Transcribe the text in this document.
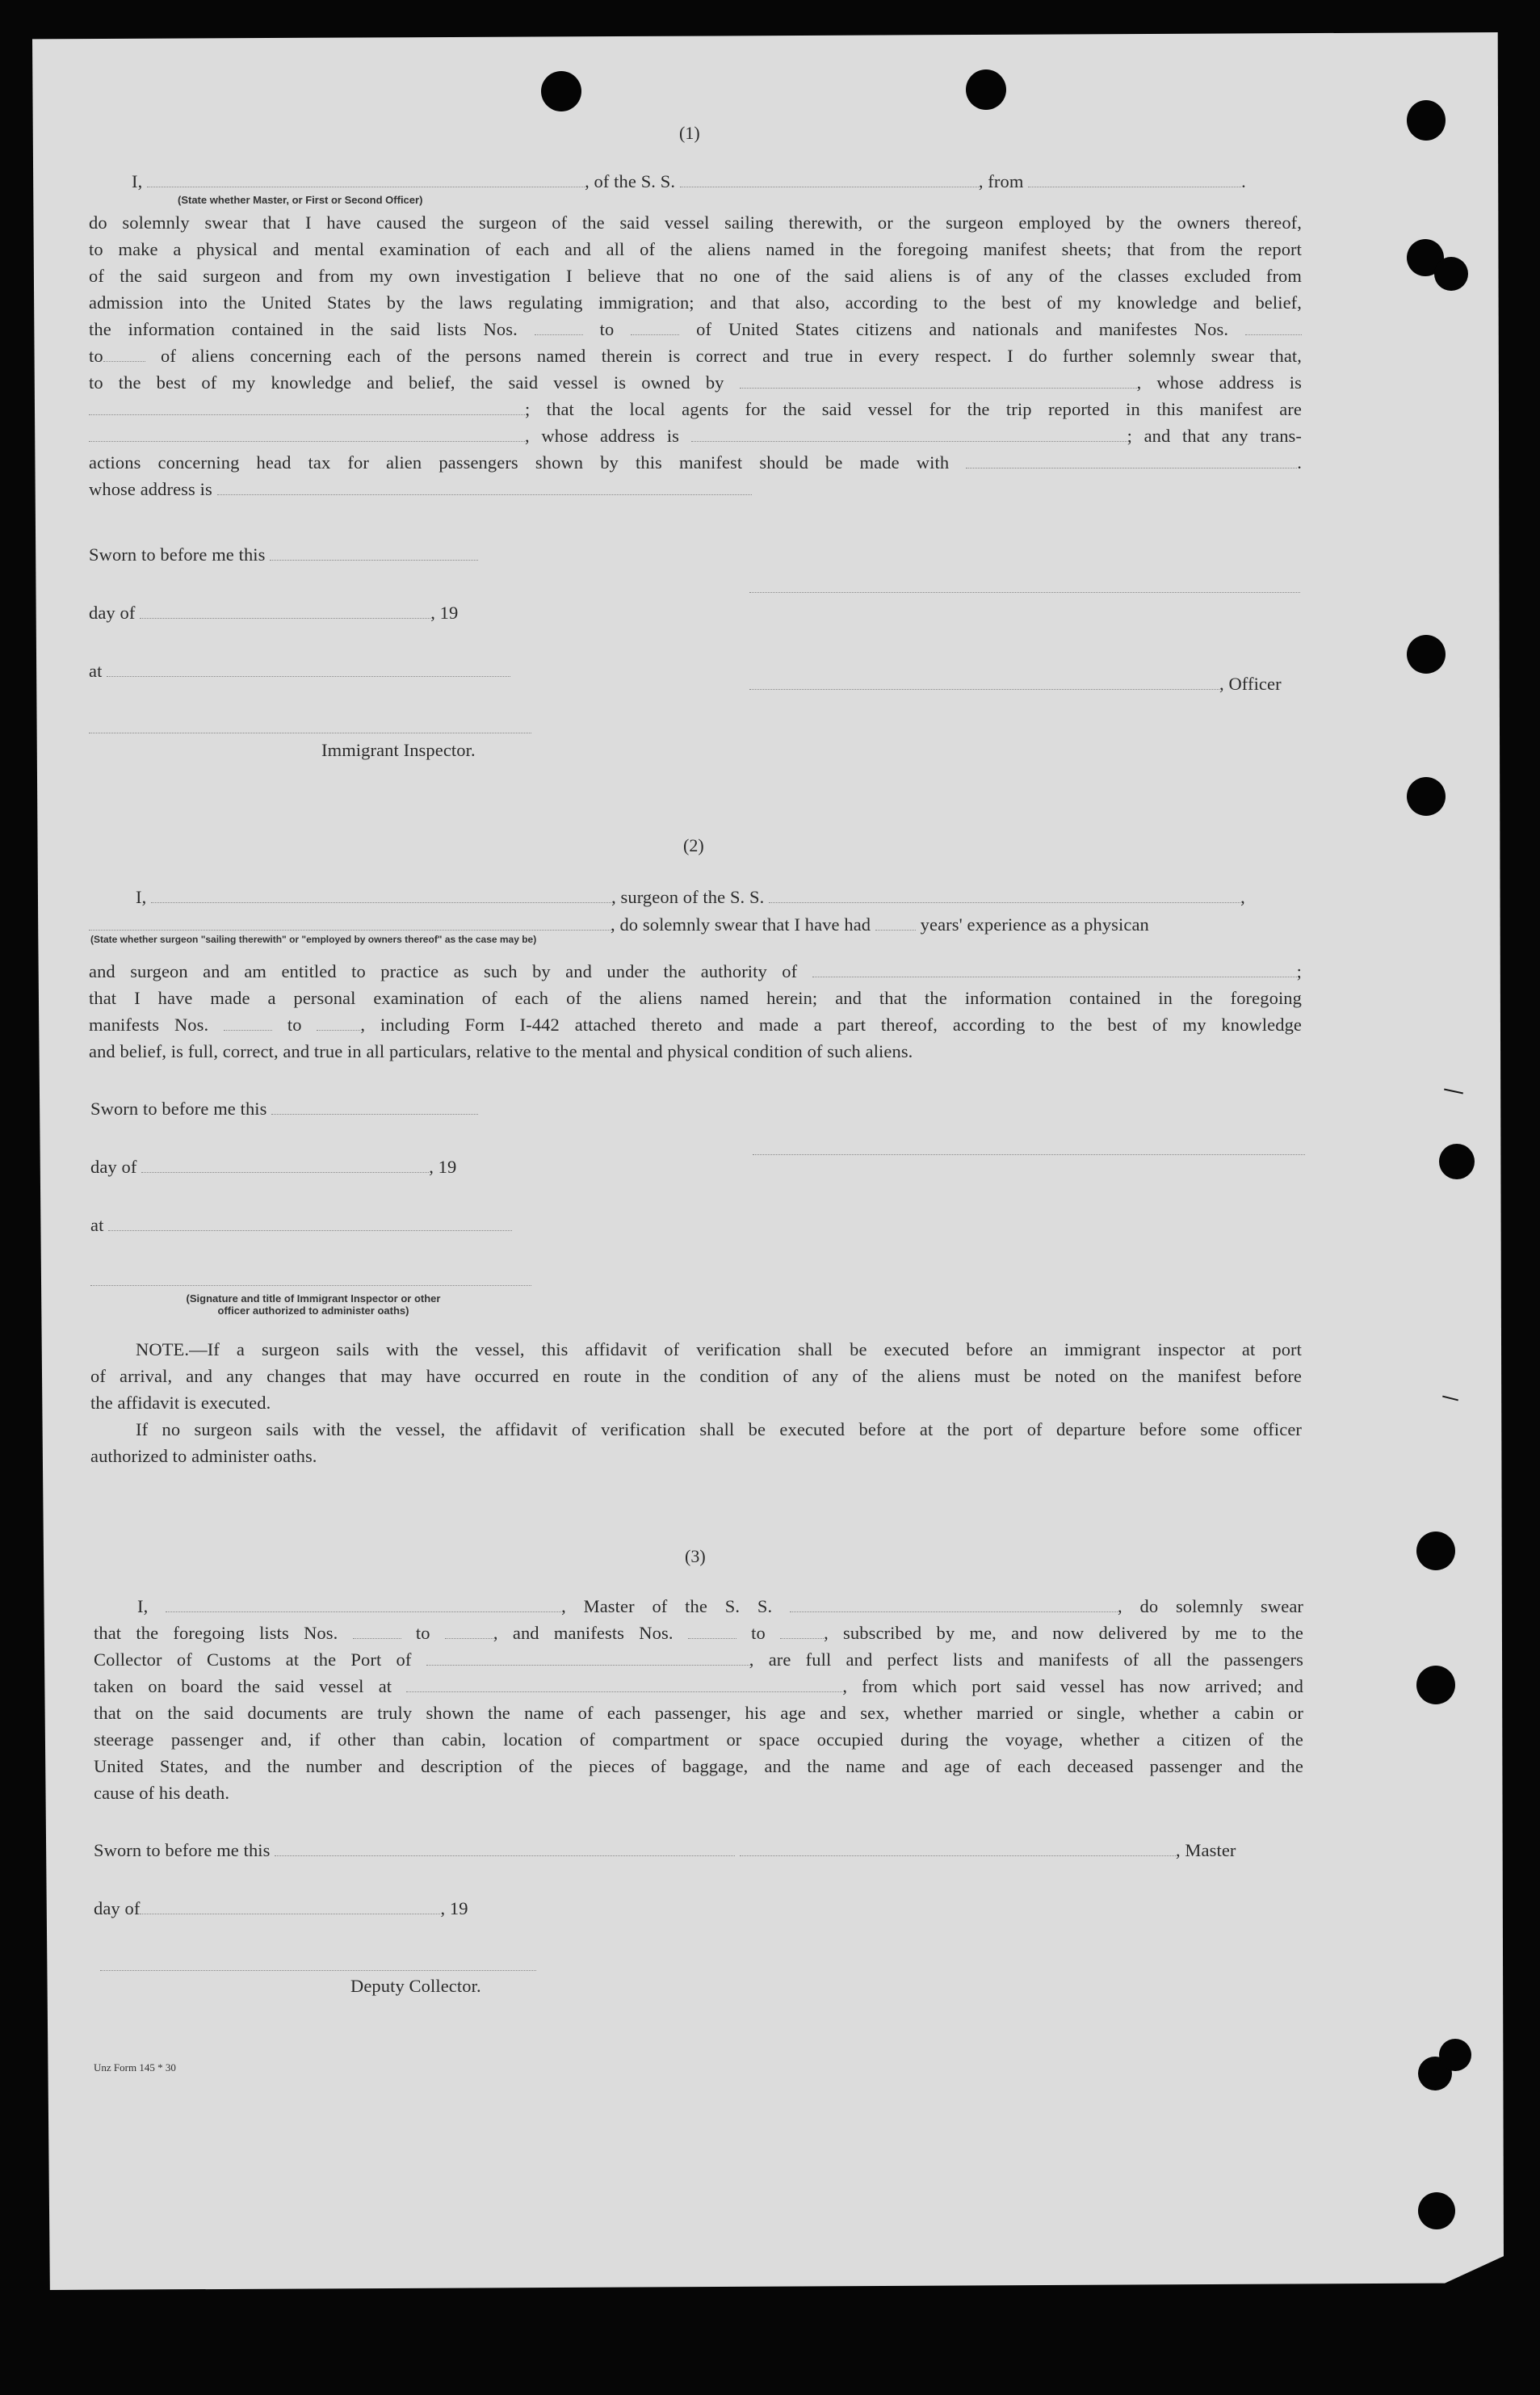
(1)
I,	, of the S. S.	, from	.
(State whether Master, or First or Second Officer)
do solemnly swear that I have caused the surgeon of the said vessel sailing therewith, or the surgeon employed by the owners thereof,
to make a physical and mental examination of each and all of the aliens named in the foregoing manifest sheets; that from the report
of the said surgeon and from my own investigation I believe that no one of the said aliens is of any of the classes excluded from
admission into the United States by the laws regulating immigration; and that also, according to the best of my knowledge and belief,
the information contained in the said lists Nos.	to	of United States citizens and nationals and manifestes Nos.
to	of aliens concerning each of the persons named therein is correct and true in every respect. I do further solemnly swear that,
to the best of my knowledge and belief, the said vessel is owned by	, whose address is
; that the local agents for the said vessel for the trip reported in this manifest are
, whose address is	; and that any trans-
actions concerning head tax for alien passengers shown by this manifest should be made with	.
whose address is
Sworn to before me this
day of	, 19
at
, Officer
Immigrant Inspector.
(2)
I,	, surgeon of the S. S.	,
, do solemnly swear that I have had	years' experience as a physican
(State whether surgeon "sailing therewith" or "employed by owners thereof" as the case may be)
and surgeon and am entitled to practice as such by and under the authority of	;
that I have made a personal examination of each of the aliens named herein; and that the information contained in the foregoing
manifests Nos.	to	, including Form I-442 attached thereto and made a part thereof, according to the best of my knowledge
and belief, is full, correct, and true in all particulars, relative to the mental and physical condition of such aliens.
Sworn to before me this
day of	, 19
at
(Signature and title of Immigrant Inspector or other
officer authorized to administer oaths)
NOTE.—If a surgeon sails with the vessel, this affidavit of verification shall be executed before an immigrant inspector at port
of arrival, and any changes that may have occurred en route in the condition of any of the aliens must be noted on the manifest before
the affidavit is executed.
If no surgeon sails with the vessel, the affidavit of verification shall be executed before at the port of departure before some officer
authorized to administer oaths.
(3)
I,	, Master of the S. S.	, do solemnly swear
that the foregoing lists Nos.	to	, and manifests Nos.	to	, subscribed by me, and now delivered by me to the
Collector of Customs at the Port of	, are full and perfect lists and manifests of all the passengers
taken on board the said vessel at	, from which port said vessel has now arrived; and
that on the said documents are truly shown the name of each passenger, his age and sex, whether married or single, whether a cabin or
steerage passenger and, if other than cabin, location of compartment or space occupied during the voyage, whether a citizen of the
United States, and the number and description of the pieces of baggage, and the name and age of each deceased passenger and the
cause of his death.
Sworn to before me this	, Master
day of	, 19
Deputy Collector.
Unz Form 145 * 30
